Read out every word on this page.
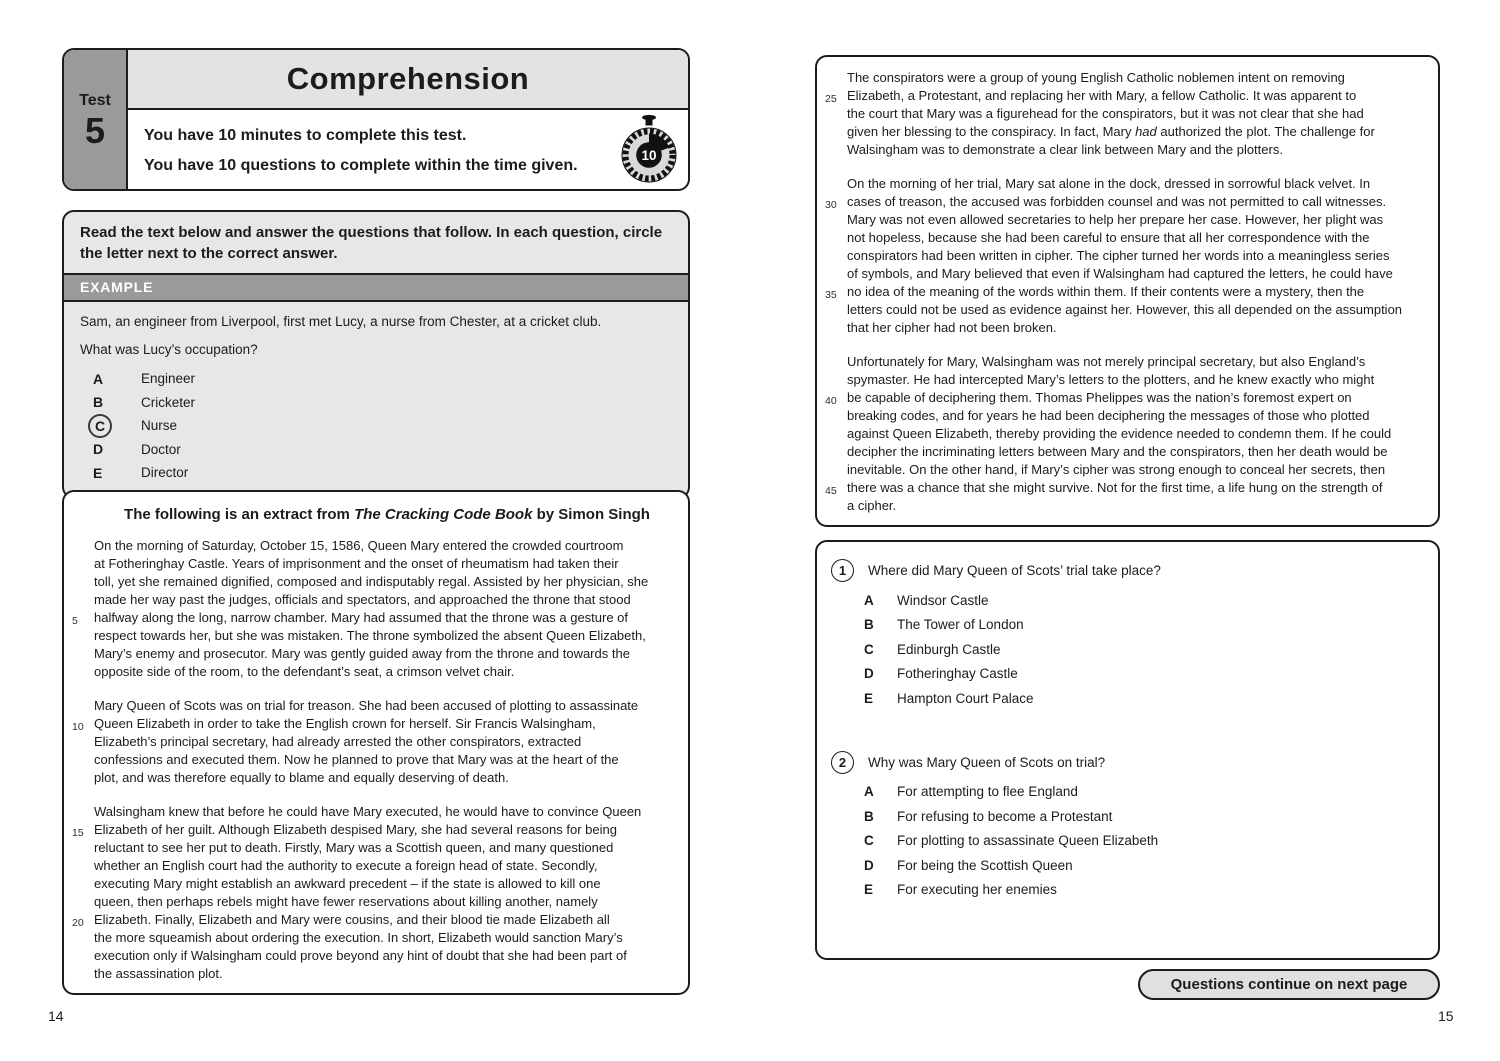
Test
5
Comprehension
You have 10 minutes to complete this test.
You have 10 questions to complete within the time given.
10
Read the text below and answer the questions that follow. In each question, circle the letter next to the correct answer.
EXAMPLE
Sam, an engineer from Liverpool, first met Lucy, a nurse from Chester, at a cricket club.
What was Lucy’s occupation?
A	Engineer
B	Cricketer
C	Nurse
D	Doctor
E	Director
The following is an extract from The Cracking Code Book by Simon Singh
On the morning of Saturday, October 15, 1586, Queen Mary entered the crowded courtroom
at Fotheringhay Castle. Years of imprisonment and the onset of rheumatism had taken their
toll, yet she remained dignified, composed and indisputably regal. Assisted by her physician, she
made her way past the judges, officials and spectators, and approached the throne that stood
5 halfway along the long, narrow chamber. Mary had assumed that the throne was a gesture of
respect towards her, but she was mistaken. The throne symbolized the absent Queen Elizabeth,
Mary’s enemy and prosecutor. Mary was gently guided away from the throne and towards the
opposite side of the room, to the defendant’s seat, a crimson velvet chair.
Mary Queen of Scots was on trial for treason. She had been accused of plotting to assassinate
10 Queen Elizabeth in order to take the English crown for herself. Sir Francis Walsingham,
Elizabeth’s principal secretary, had already arrested the other conspirators, extracted
confessions and executed them. Now he planned to prove that Mary was at the heart of the
plot, and was therefore equally to blame and equally deserving of death.
Walsingham knew that before he could have Mary executed, he would have to convince Queen
15 Elizabeth of her guilt. Although Elizabeth despised Mary, she had several reasons for being
reluctant to see her put to death. Firstly, Mary was a Scottish queen, and many questioned
whether an English court had the authority to execute a foreign head of state. Secondly,
executing Mary might establish an awkward precedent – if the state is allowed to kill one
queen, then perhaps rebels might have fewer reservations about killing another, namely
20 Elizabeth. Finally, Elizabeth and Mary were cousins, and their blood tie made Elizabeth all
the more squeamish about ordering the execution. In short, Elizabeth would sanction Mary’s
execution only if Walsingham could prove beyond any hint of doubt that she had been part of
the assassination plot.
14
The conspirators were a group of young English Catholic noblemen intent on removing
25 Elizabeth, a Protestant, and replacing her with Mary, a fellow Catholic. It was apparent to
the court that Mary was a figurehead for the conspirators, but it was not clear that she had
given her blessing to the conspiracy. In fact, Mary had authorized the plot. The challenge for
Walsingham was to demonstrate a clear link between Mary and the plotters.
On the morning of her trial, Mary sat alone in the dock, dressed in sorrowful black velvet. In
30 cases of treason, the accused was forbidden counsel and was not permitted to call witnesses.
Mary was not even allowed secretaries to help her prepare her case. However, her plight was
not hopeless, because she had been careful to ensure that all her correspondence with the
conspirators had been written in cipher. The cipher turned her words into a meaningless series
of symbols, and Mary believed that even if Walsingham had captured the letters, he could have
35 no idea of the meaning of the words within them. If their contents were a mystery, then the
letters could not be used as evidence against her. However, this all depended on the assumption
that her cipher had not been broken.
Unfortunately for Mary, Walsingham was not merely principal secretary, but also England’s
spymaster. He had intercepted Mary’s letters to the plotters, and he knew exactly who might
40 be capable of deciphering them. Thomas Phelippes was the nation’s foremost expert on
breaking codes, and for years he had been deciphering the messages of those who plotted
against Queen Elizabeth, thereby providing the evidence needed to condemn them. If he could
decipher the incriminating letters between Mary and the conspirators, then her death would be
inevitable. On the other hand, if Mary’s cipher was strong enough to conceal her secrets, then
45 there was a chance that she might survive. Not for the first time, a life hung on the strength of
a cipher.
1	Where did Mary Queen of Scots’ trial take place?
A	Windsor Castle
B	The Tower of London
C	Edinburgh Castle
D	Fotheringhay Castle
E	Hampton Court Palace
2	Why was Mary Queen of Scots on trial?
A	For attempting to flee England
B	For refusing to become a Protestant
C	For plotting to assassinate Queen Elizabeth
D	For being the Scottish Queen
E	For executing her enemies
Questions continue on next page
15
